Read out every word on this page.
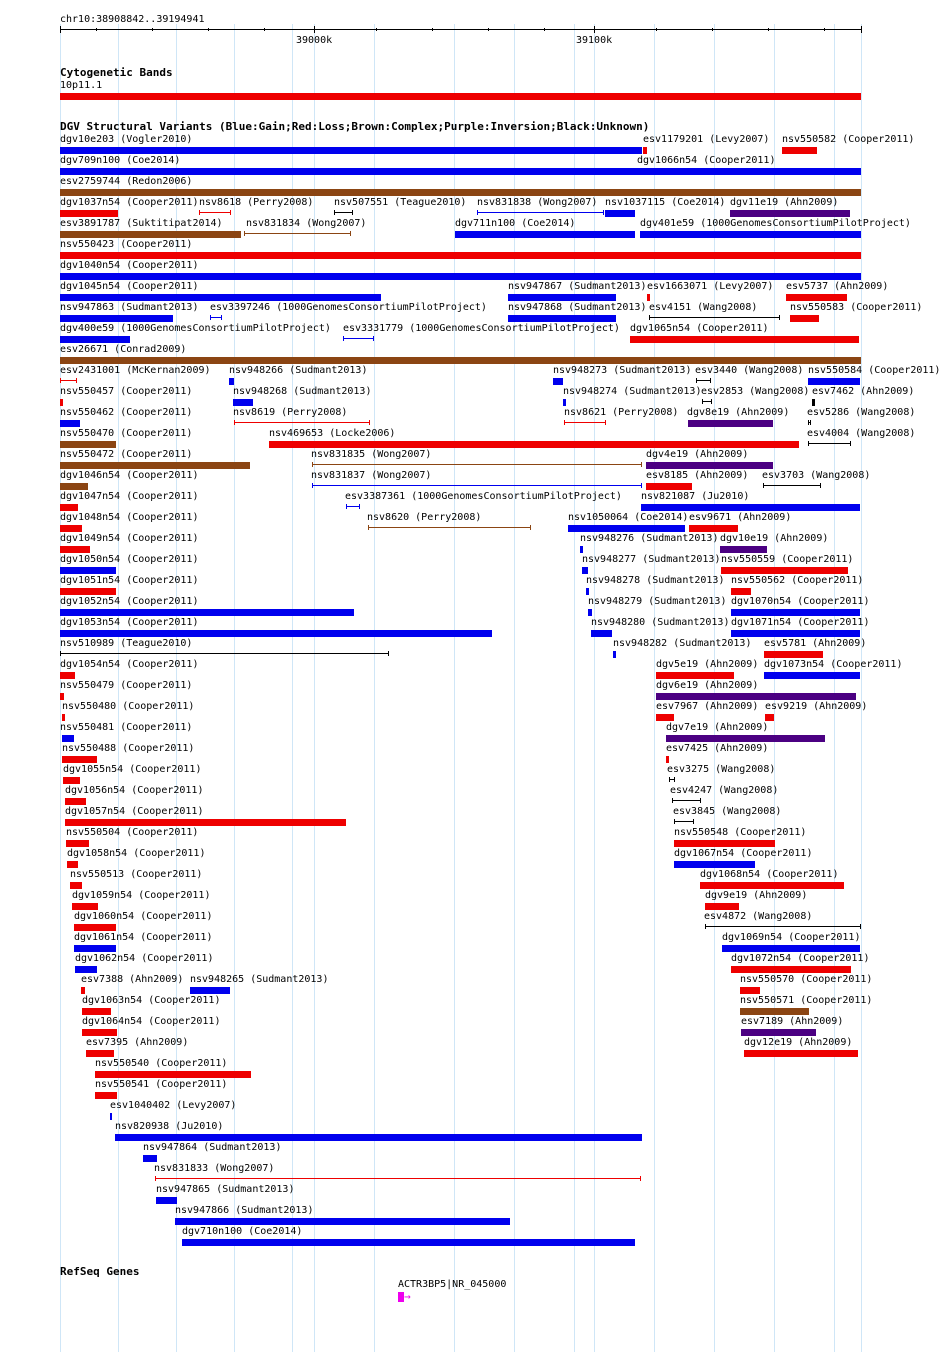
chr10:38908842..39194941
39000k	39100k
Cytogenetic Bands
10p11.1
DGV Structural Variants (Blue:Gain;Red:Loss;Brown:Complex;Purple:Inversion;Black:Unknown)
dgv10e203 (Vogler2010)	esv1179201 (Levy2007) nsv550582 (Cooper2011)
dgv709n100 (Coe2014)	dgv1066n54 (Cooper2011)
esv2759744 (Redon2006)
dgv1037n54 (Cooper2011) nsv8618 (Perry2008) nsv507551 (Teague2010) nsv831838 (Wong2007) nsv1037115 (Coe2014) dgv11e19 (Ahn2009)
esv3891787 (Suktitipat2014) nsv831834 (Wong2007)	dgv711n100 (Coe2014)	dgv401e59 (1000GenomesConsortiumPilotProject)
nsv550423 (Cooper2011)
dgv1040n54 (Cooper2011)
dgv1045n54 (Cooper2011)	nsv947867 (Sudmant2013) esv1663071 (Levy2007) esv5737 (Ahn2009)
nsv947863 (Sudmant2013) esv3397246 (1000GenomesConsortiumPilotProject) nsv947868 (Sudmant2013) esv4151 (Wang2008)	nsv550583 (Cooper2011)
dgv400e59 (1000GenomesConsortiumPilotProject) esv3331779 (1000GenomesConsortiumPilotProject) dgv1065n54 (Cooper2011)
esv26671 (Conrad2009)
esv2431001 (McKernan2009) nsv948266 (Sudmant2013)	nsv948273 (Sudmant2013) esv3440 (Wang2008) nsv550584 (Cooper2011)
nsv550457 (Cooper2011)	nsv948268 (Sudmant2013)	nsv948274 (Sudmant2013) esv2853 (Wang2008) esv7462 (Ahn2009)
nsv550462 (Cooper2011)	nsv8619 (Perry2008)	nsv8621 (Perry2008) dgv8e19 (Ahn2009) esv5286 (Wang2008)
nsv550470 (Cooper2011)	nsv469653 (Locke2006)	esv4004 (Wang2008)
nsv550472 (Cooper2011)	nsv831835 (Wong2007)	dgv4e19 (Ahn2009)
dgv1046n54 (Cooper2011)	nsv831837 (Wong2007)	esv8185 (Ahn2009) esv3703 (Wang2008)
dgv1047n54 (Cooper2011)	esv3387361 (1000GenomesConsortiumPilotProject) nsv821087 (Ju2010)
dgv1048n54 (Cooper2011)	nsv8620 (Perry2008)	nsv1050064 (Coe2014) esv9671 (Ahn2009)
dgv1049n54 (Cooper2011)	nsv948276 (Sudmant2013) dgv10e19 (Ahn2009)
dgv1050n54 (Cooper2011)	nsv948277 (Sudmant2013) nsv550559 (Cooper2011)
dgv1051n54 (Cooper2011)	nsv948278 (Sudmant2013) nsv550562 (Cooper2011)
dgv1052n54 (Cooper2011)	nsv948279 (Sudmant2013) dgv1070n54 (Cooper2011)
dgv1053n54 (Cooper2011)	nsv948280 (Sudmant2013) dgv1071n54 (Cooper2011)
nsv510989 (Teague2010)	nsv948282 (Sudmant2013) esv5781 (Ahn2009)
dgv1054n54 (Cooper2011)	dgv5e19 (Ahn2009) dgv1073n54 (Cooper2011)
nsv550479 (Cooper2011)	dgv6e19 (Ahn2009)
nsv550480 (Cooper2011)	esv7967 (Ahn2009) esv9219 (Ahn2009)
nsv550481 (Cooper2011)	dgv7e19 (Ahn2009)
nsv550488 (Cooper2011)	esv7425 (Ahn2009)
dgv1055n54 (Cooper2011)	esv3275 (Wang2008)
dgv1056n54 (Cooper2011)	esv4247 (Wang2008)
dgv1057n54 (Cooper2011)	esv3845 (Wang2008)
nsv550504 (Cooper2011)	nsv550548 (Cooper2011)
dgv1058n54 (Cooper2011)	dgv1067n54 (Cooper2011)
nsv550513 (Cooper2011)	dgv1068n54 (Cooper2011)
dgv1059n54 (Cooper2011)	dgv9e19 (Ahn2009)
dgv1060n54 (Cooper2011)	esv4872 (Wang2008)
dgv1061n54 (Cooper2011)	dgv1069n54 (Cooper2011)
dgv1062n54 (Cooper2011)	dgv1072n54 (Cooper2011)
esv7388 (Ahn2009) nsv948265 (Sudmant2013)	nsv550570 (Cooper2011)
dgv1063n54 (Cooper2011)	nsv550571 (Cooper2011)
dgv1064n54 (Cooper2011)	esv7189 (Ahn2009)
esv7395 (Ahn2009)	dgv12e19 (Ahn2009)
nsv550540 (Cooper2011)
nsv550541 (Cooper2011)
esv1040402 (Levy2007)
nsv820938 (Ju2010)
nsv947864 (Sudmant2013)
nsv831833 (Wong2007)
nsv947865 (Sudmant2013)
nsv947866 (Sudmant2013)
dgv710n100 (Coe2014)
RefSeq Genes
ACTR3BP5|NR_045000
→
